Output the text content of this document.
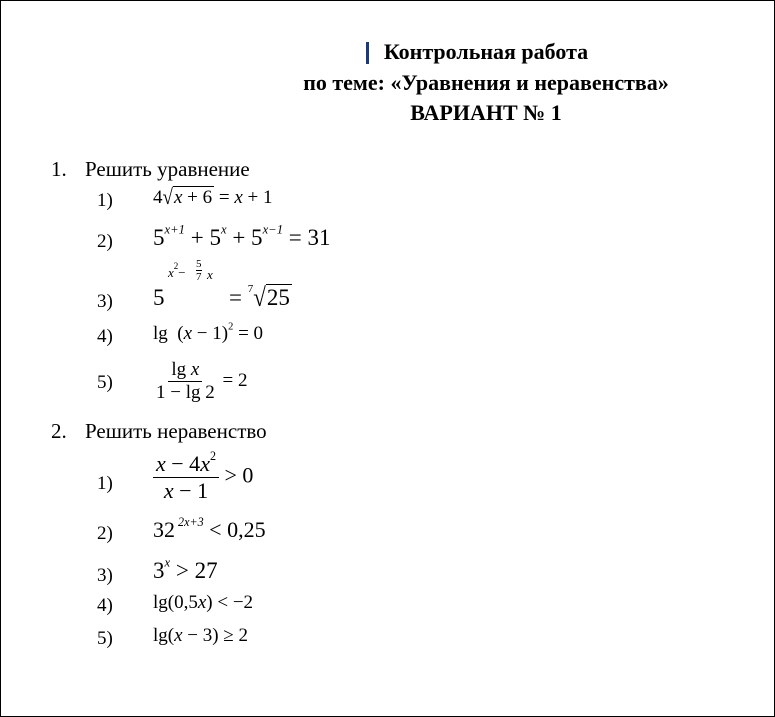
Контрольная работа
по теме: «Уравнения и неравенства»
ВАРИАНТ № 1
1. Решить уравнение
1) 4√x + 6 = x + 1
2) $5^{x+1} + 5^x + 5^{x-1} = 31$
3) 5
$x^2-$
5
7 x
= $^7$√25
4) $\lg (x - 1)^2 = 0$
$5) \frac{\text{lg x}}{1 - \lg 2} = 2$
2. Решить неравенство
$1) \frac{x - 4x^2}{x - 1} > 0$
2) 32 $^{2x+3}$ < 0,25
3) $3^x > 27$
4) lg(0,5x) < −2
5) lg(x − 3) ≥ 2
